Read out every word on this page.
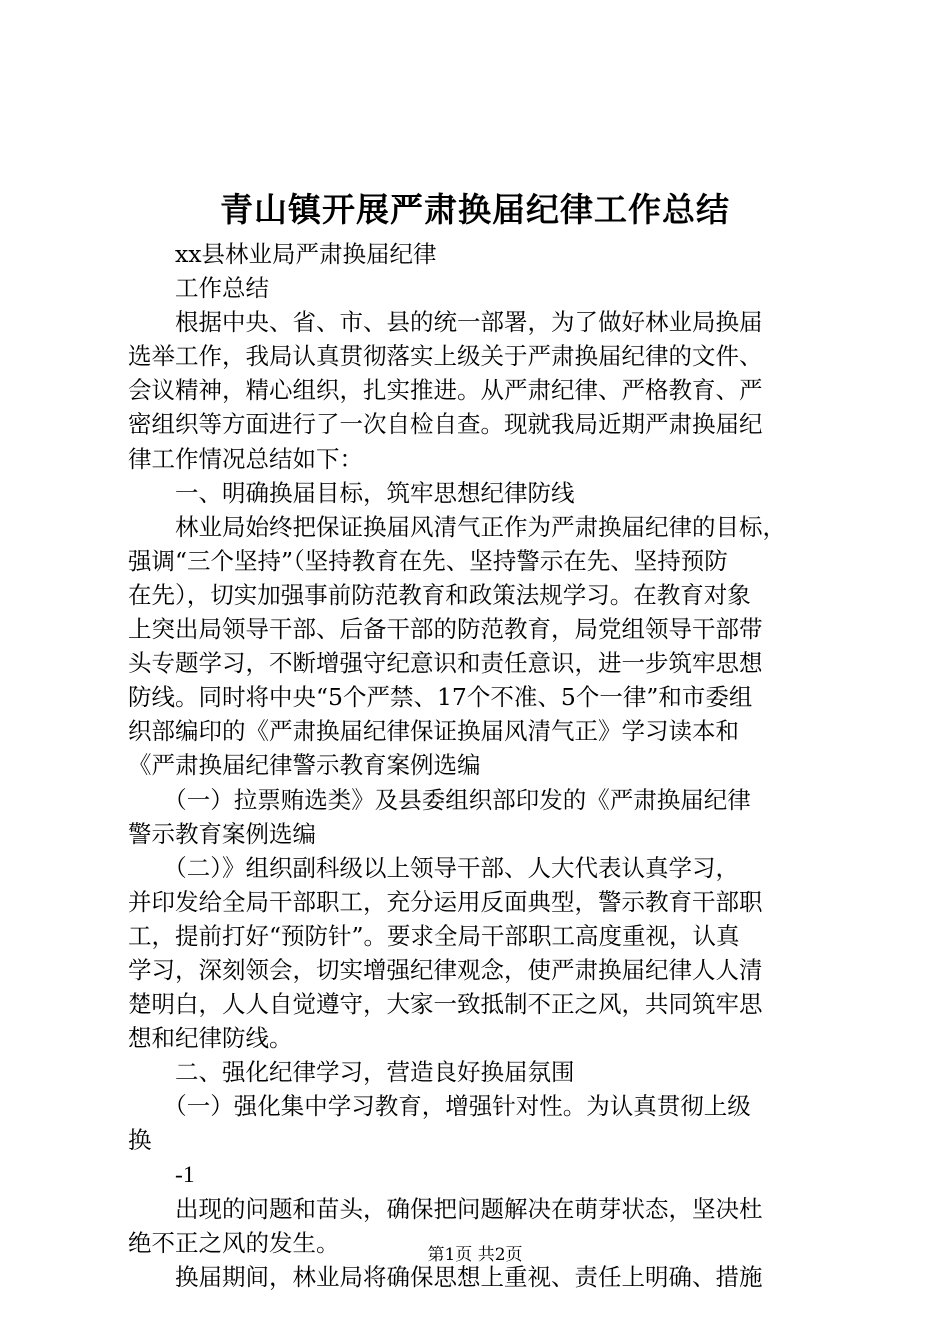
青山镇开展严肃换届纪律工作总结
　　xx县林业局严肃换届纪律
　　工作总结
　　根据中央、省、市、县的统一部署，为了做好林业局换届
选举工作，我局认真贯彻落实上级关于严肃换届纪律的文件、
会议精神，精心组织，扎实推进。从严肃纪律、严格教育、严
密组织等方面进行了一次自检自查。现就我局近期严肃换届纪
律工作情况总结如下：
　　一、明确换届目标，筑牢思想纪律防线
　　林业局始终把保证换届风清气正作为严肃换届纪律的目标，
强调“三个坚持”（坚持教育在先、坚持警示在先、坚持预防
在先），切实加强事前防范教育和政策法规学习。在教育对象
上突出局领导干部、后备干部的防范教育，局党组领导干部带
头专题学习，不断增强守纪意识和责任意识，进一步筑牢思想
防线。同时将中央“5个严禁、17个不准、5个一律”和市委组
织部编印的《严肃换届纪律保证换届风清气正》学习读本和
《严肃换届纪律警示教育案例选编
　　（一）拉票贿选类》及县委组织部印发的《严肃换届纪律
警示教育案例选编
　　（二）》组织副科级以上领导干部、人大代表认真学习，
并印发给全局干部职工，充分运用反面典型，警示教育干部职
工，提前打好“预防针”。要求全局干部职工高度重视，认真
学习，深刻领会，切实增强纪律观念，使严肃换届纪律人人清
楚明白，人人自觉遵守，大家一致抵制不正之风，共同筑牢思
想和纪律防线。
　　二、强化纪律学习，营造良好换届氛围
　　（一）强化集中学习教育，增强针对性。为认真贯彻上级
换
　　-1
　　出现的问题和苗头，确保把问题解决在萌芽状态，坚决杜
绝不正之风的发生。
　　换届期间，林业局将确保思想上重视、责任上明确、措施
第1页 共2页
